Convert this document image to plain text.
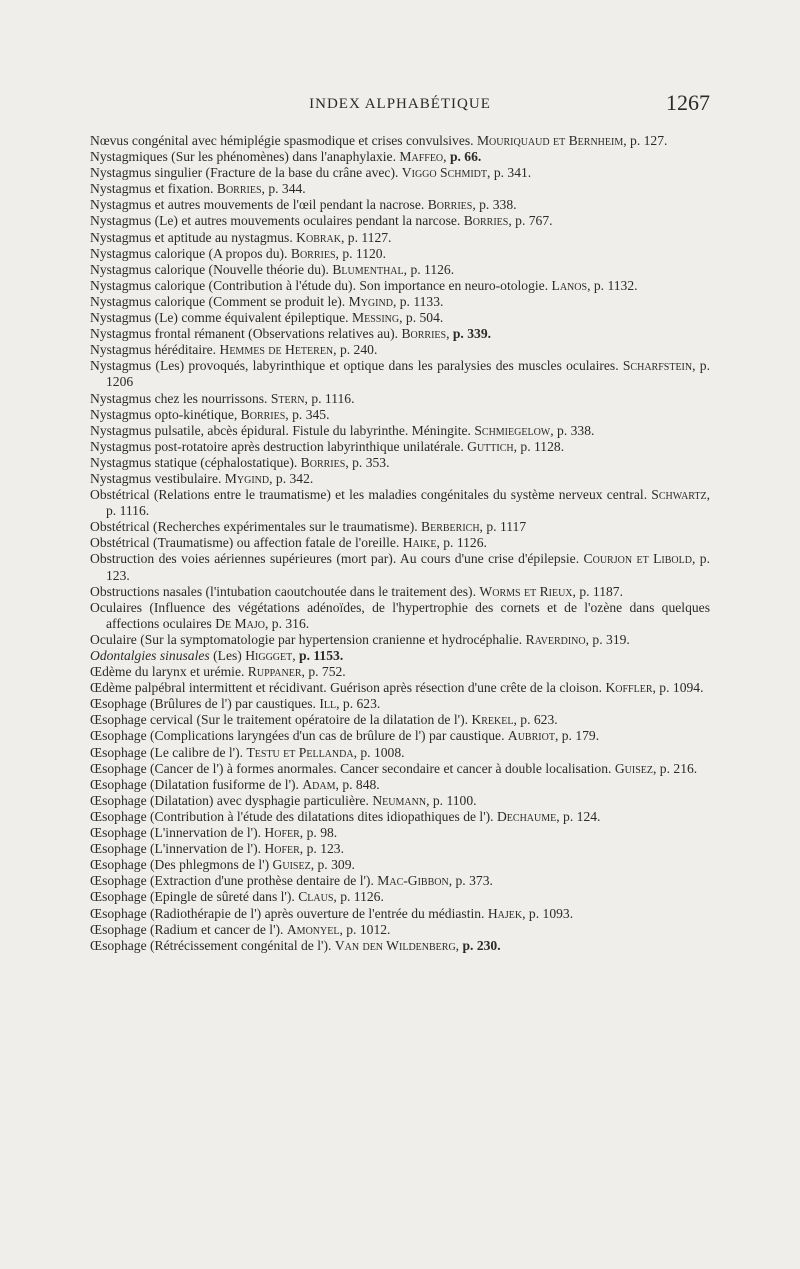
INDEX ALPHABÉTIQUE	1267

Nœvus congénital avec hémiplégie spasmodique et crises convulsives. Mouriquaud et Bernheim, p. 127.

Nystagmiques (Sur les phénomènes) dans l'anaphylaxie. Maffeo, p. 66.

Nystagmus singulier (Fracture de la base du crâne avec). Viggo Schmidt, p. 341.

Nystagmus et fixation. Borries, p. 344.

Nystagmus et autres mouvements de l'œil pendant la nacrose. Borries, p. 338.

Nystagmus (Le) et autres mouvements oculaires pendant la narcose. Borries, p. 767.

Nystagmus et aptitude au nystagmus. Kobrak, p. 1127.

Nystagmus calorique (A propos du). Borries, p. 1120.

Nystagmus calorique (Nouvelle théorie du). Blumenthal, p. 1126.

Nystagmus calorique (Contribution à l'étude du). Son importance en neuro-otologie. Lanos, p. 1132.

Nystagmus calorique (Comment se produit le). Mygind, p. 1133.

Nystagmus (Le) comme équivalent épileptique. Messing, p. 504.

Nystagmus frontal rémanent (Observations relatives au). Borries, p. 339.

Nystagmus héréditaire. Hemmes de Heteren, p. 240.

Nystagmus (Les) provoqués, labyrinthique et optique dans les paralysies des muscles oculaires. Scharfstein, p. 1206

Nystagmus chez les nourrissons. Stern, p. 1116.

Nystagmus opto-kinétique, Borries, p. 345.

Nystagmus pulsatile, abcès épidural. Fistule du labyrinthe. Méningite. Schmiegelow, p. 338.

Nystagmus post-rotatoire après destruction labyrinthique unilatérale. Guttich, p. 1128.

Nystagmus statique (céphalostatique). Borries, p. 353.

Nystagmus vestibulaire. Mygind, p. 342.

Obstétrical (Relations entre le traumatisme) et les maladies congénitales du système nerveux central. Schwartz, p. 1116.

Obstétrical (Recherches expérimentales sur le traumatisme). Berberich, p. 1117

Obstétrical (Traumatisme) ou affection fatale de l'oreille. Haike, p. 1126.

Obstruction des voies aériennes supérieures (mort par). Au cours d'une crise d'épilepsie. Courjon et Libold, p. 123.

Obstructions nasales (l'intubation caoutchoutée dans le traitement des). Worms et Rieux, p. 1187.

Oculaires (Influence des végétations adénoïdes, de l'hypertrophie des cornets et de l'ozène dans quelques affections oculaires De Majo, p. 316.

Oculaire (Sur la symptomatologie par hypertension cranienne et hydrocéphalie. Raverdino, p. 319.

Odontalgies sinusales (Les) Higgget, p. 1153.

Œdème du larynx et urémie. Ruppaner, p. 752.

Œdème palpébral intermittent et récidivant. Guérison après résection d'une crête de la cloison. Koffler, p. 1094.

Œsophage (Brûlures de l') par caustiques. Ill, p. 623.

Œsophage cervical (Sur le traitement opératoire de la dilatation de l'). Krekel, p. 623.

Œsophage (Complications laryngées d'un cas de brûlure de l') par caustique. Aubriot, p. 179.

Œsophage (Le calibre de l'). Testu et Pellanda, p. 1008.

Œsophage (Cancer de l') à formes anormales. Cancer secondaire et cancer à double localisation. Guisez, p. 216.

Œsophage (Dilatation fusiforme de l'). Adam, p. 848.

Œsophage (Dilatation) avec dysphagie particulière. Neumann, p. 1100.

Œsophage (Contribution à l'étude des dilatations dites idiopathiques de l'). Dechaume, p. 124.

Œsophage (L'innervation de l'). Hofer, p. 98.

Œsophage (L'innervation de l'). Hofer, p. 123.

Œsophage (Des phlegmons de l') Guisez, p. 309.

Œsophage (Extraction d'une prothèse dentaire de l'). Mac-Gibbon, p. 373.

Œsophage (Epingle de sûreté dans l'). Claus, p. 1126.

Œsophage (Radiothérapie de l') après ouverture de l'entrée du médiastin. Hajek, p. 1093.

Œsophage (Radium et cancer de l'). Amonyel, p. 1012.

Œsophage (Rétrécissement congénital de l'). Van den Wildenberg, p. 230.
